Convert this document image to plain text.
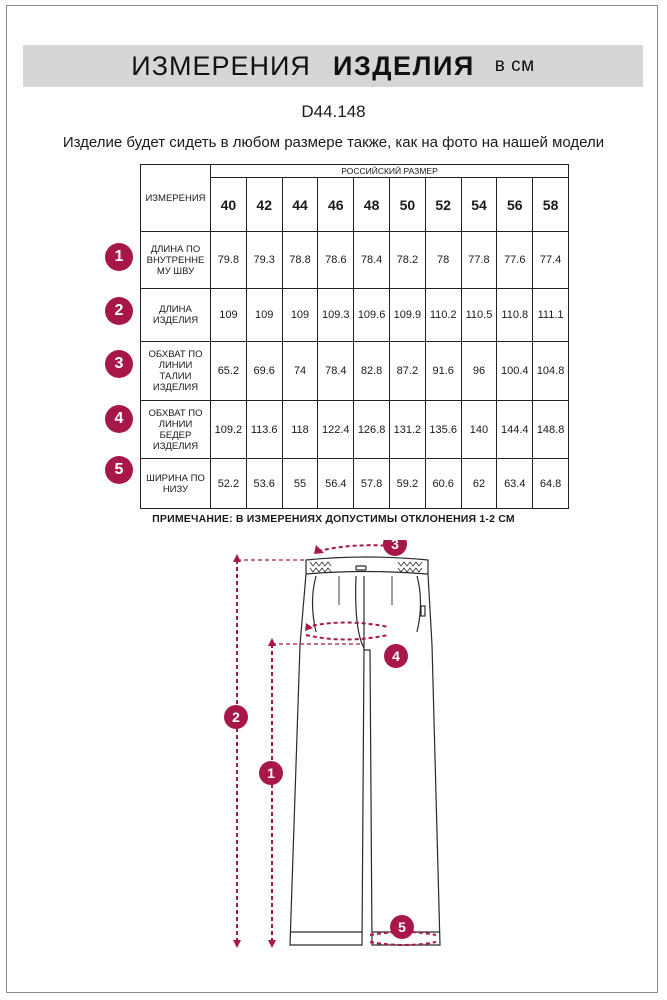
ИЗМЕРЕНИЯ ИЗДЕЛИЯ в см
D44.148
Изделие будет сидеть в любом размере также, как на фото на нашей модели
ИЗМЕРЕНИЯ	РОССИЙСКИЙ РАЗМЕР									
	40	42	44	46	48	50	52	54	56	58
ДЛИНА ПО ВНУТРЕННЕ МУ ШВУ	79.8	79.3	78.8	78.6	78.4	78.2	78	77.8	77.6	77.4
ДЛИНА ИЗДЕЛИЯ	109	109	109	109.3	109.6	109.9	110.2	110.5	110.8	111.1
ОБХВАТ ПО ЛИНИИ ТАЛИИ ИЗДЕЛИЯ	65.2	69.6	74	78.4	82.8	87.2	91.6	96	100.4	104.8
ОБХВАТ ПО ЛИНИИ БЕДЕР ИЗДЕЛИЯ	109.2	113.6	118	122.4	126.8	131.2	135.6	140	144.4	148.8
ШИРИНА ПО НИЗУ	52.2	53.6	55	56.4	57.8	59.2	60.6	62	63.4	64.8
1
2
3
4
5
ПРИМЕЧАНИЕ: В ИЗМЕРЕНИЯХ ДОПУСТИМЫ ОТКЛОНЕНИЯ 1-2 СМ
3
4
2
1
5
